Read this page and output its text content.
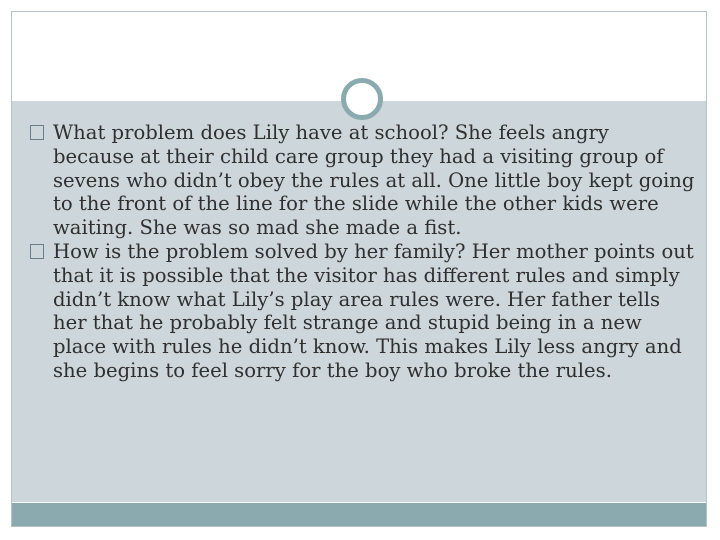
What problem does Lily have at school? She feels angry because at their child care group they had a visiting group of sevens who didn’t obey the rules at all. One little boy kept going to the front of the line for the slide while the other kids were waiting. She was so mad she made a fist.
How is the problem solved by her family? Her mother points out that it is possible that the visitor has different rules and simply didn’t know what Lily’s play area rules were. Her father tells her that he probably felt strange and stupid being in a new place with rules he didn’t know. This makes Lily less angry and she begins to feel sorry for the boy who broke the rules.
